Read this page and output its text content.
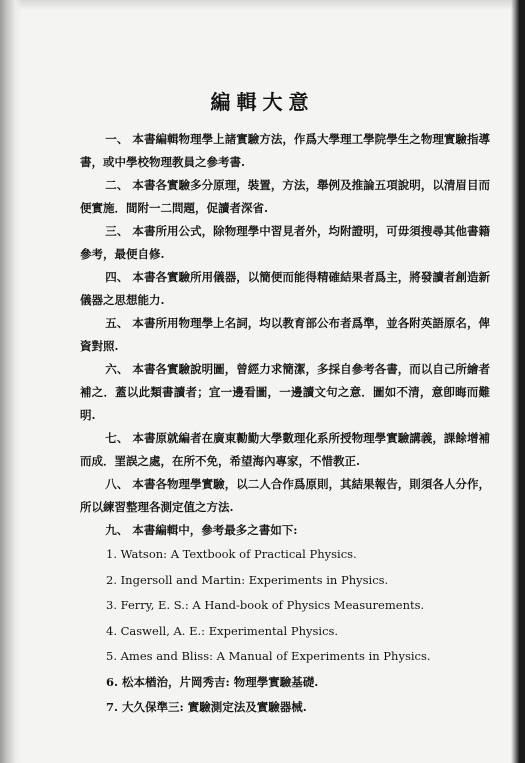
編輯大意

一、 本書編輯物理學上諸實驗方法，作爲大學理工學院學生之物理實驗指導書，或中學校物理教員之參考書.

二、 本書各實驗多分原理，裝置，方法，舉例及推論五項說明，以清眉目而便實施．間附一二問題，促讀者深省.

三、 本書所用公式，除物理學中習見者外，均附證明，可毋須搜尋其他書籍參考，最便自修.

四、 本書各實驗所用儀器，以簡便而能得精確結果者爲主，將發讀者創造新儀器之思想能力.

五、 本書所用物理學上名詞，均以教育部公布者爲準，並各附英語原名，俾資對照.

六、 本書各實驗說明圖，曾經力求簡潔，多採自參考各書，而以自己所繪者補之．蓋以此類書讀者；宜一邊看圖，一邊讀文句之意．圖如不清，意卽晦而難明.

七、 本書原就編者在廣東勷勤大學數理化系所授物理學實驗講義，課餘增補而成．罣誤之處，在所不免，希望海內專家，不惜教正.

八、 本書各物理學實驗，以二人合作爲原則，其結果報告，則須各人分作，所以練習整理各測定值之方法.

九、 本書編輯中，參考最多之書如下:

1. Watson: A Textbook of Practical Physics.
2. Ingersoll and Martin: Experiments in Physics.
3. Ferry, E. S.: A Hand-book of Physics Measurements.
4. Caswell, A. E.: Experimental Physics.
5. Ames and Bliss: A Manual of Experiments in Physics.
6. 松本楢治，片岡秀吉: 物理學實驗基礎.
7. 大久保準三: 實驗測定法及實驗器械.
